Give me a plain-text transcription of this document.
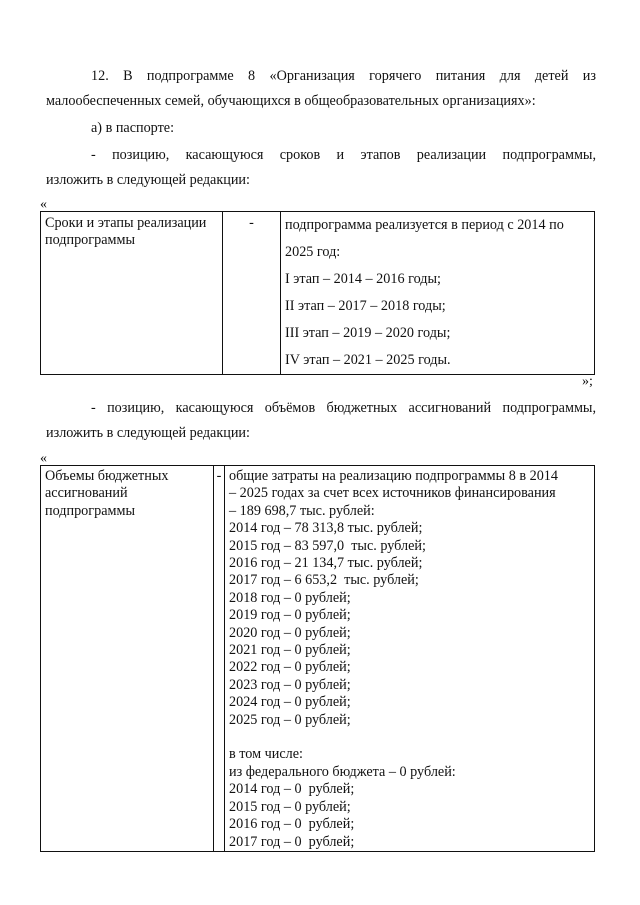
12. В подпрограмме 8 «Организация горячего питания для детей из
малообеспеченных семей, обучающихся в общеобразовательных организациях»:

а) в паспорте:

- позицию, касающуюся сроков и этапов реализации подпрограммы,
изложить в следующей редакции:

«
Сроки и этапы реализации подпрограммы	-	подпрограмма реализуется в период с 2014 по
2025 год:
I этап – 2014 – 2016 годы;
II этап – 2017 – 2018 годы;
III этап – 2019 – 2020 годы;
IV этап – 2021 – 2025 годы.
»;

- позицию, касающуюся объёмов бюджетных ассигнований подпрограммы,
изложить в следующей редакции:

«
Объемы бюджетных ассигнований подпрограммы	-	общие затраты на реализацию подпрограммы 8 в 2014
– 2025 годах за счет всех источников финансирования
– 189 698,7 тыс. рублей:
2014 год – 78 313,8 тыс. рублей;
2015 год – 83 597,0  тыс. рублей;
2016 год – 21 134,7 тыс. рублей;
2017 год – 6 653,2  тыс. рублей;
2018 год – 0 рублей;
2019 год – 0 рублей;
2020 год – 0 рублей;
2021 год – 0 рублей;
2022 год – 0 рублей;
2023 год – 0 рублей;
2024 год – 0 рублей;
2025 год – 0 рублей;
в том числе:
из федерального бюджета – 0 рублей:
2014 год – 0  рублей;
2015 год – 0 рублей;
2016 год – 0  рублей;
2017 год – 0  рублей;
